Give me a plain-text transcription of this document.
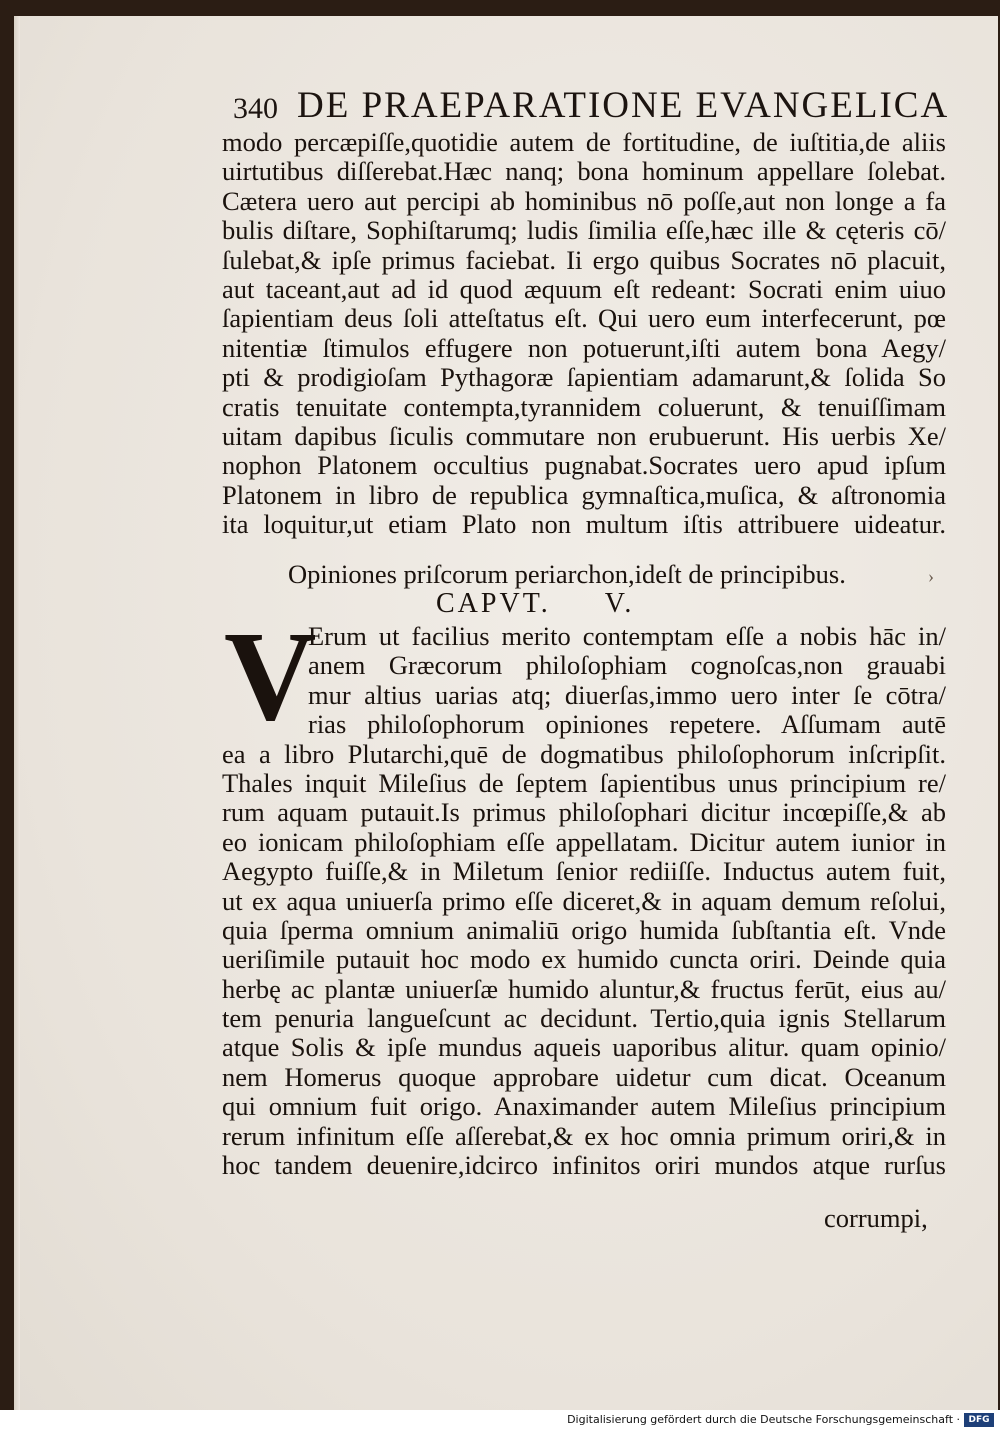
340 DE PRAEPARATIONE EVANGELICA
modo percæpiſſe,quotidie autem de fortitudine, de iuſtitia,de aliis
uirtutibus diſſerebat.Hæc nanq; bona hominum appellare ſolebat.
Cætera uero aut percipi ab hominibus nō poſſe,aut non longe a fa
bulis diſtare, Sophiſtarumq; ludis ſimilia eſſe,hæc ille & cęteris cō/
ſulebat,& ipſe primus faciebat. Ii ergo quibus Socrates nō placuit,
aut taceant,aut ad id quod æquum eſt redeant: Socrati enim uiuo
ſapientiam deus ſoli atteſtatus eſt. Qui uero eum interfecerunt, pœ
nitentiæ ſtimulos effugere non potuerunt,iſti autem bona Aegy/
pti & prodigioſam Pythagoræ ſapientiam adamarunt,& ſolida So
cratis tenuitate contempta,tyrannidem coluerunt, & tenuiſſimam
uitam dapibus ſiculis commutare non erubuerunt. His uerbis Xe/
nophon Platonem occultius pugnabat.Socrates uero apud ipſum
Platonem in libro de republica gymnaſtica,muſica, & aſtronomia
ita loquitur,ut etiam Plato non multum iſtis attribuere uideatur.
Opiniones priſcorum periarchon,ideſt de principibus.	›
CAPVT. V.
V
Erum ut facilius merito contemptam eſſe a nobis hāc in/
anem Græcorum philoſophiam cognoſcas,non grauabi
mur altius uarias atq; diuerſas,immo uero inter ſe cōtra/
rias philoſophorum opiniones repetere. Aſſumam autē
ea a libro Plutarchi,quē de dogmatibus philoſophorum inſcripſit.
Thales inquit Mileſius de ſeptem ſapientibus unus principium re/
rum aquam putauit.Is primus philoſophari dicitur incœpiſſe,& ab
eo ionicam philoſophiam eſſe appellatam. Dicitur autem iunior in
Aegypto fuiſſe,& in Miletum ſenior rediiſſe. Inductus autem fuit,
ut ex aqua uniuerſa primo eſſe diceret,& in aquam demum reſolui,
quia ſperma omnium animaliū origo humida ſubſtantia eſt. Vnde
ueriſimile putauit hoc modo ex humido cuncta oriri. Deinde quia
herbę ac plantæ uniuerſæ humido aluntur,& fructus ferūt, eius au/
tem penuria langueſcunt ac decidunt. Tertio,quia ignis Stellarum
atque Solis & ipſe mundus aqueis uaporibus alitur. quam opinio/
nem Homerus quoque approbare uidetur cum dicat. Oceanum
qui omnium fuit origo. Anaximander autem Mileſius principium
rerum infinitum eſſe aſſerebat,& ex hoc omnia primum oriri,& in
hoc tandem deuenire,idcirco infinitos oriri mundos atque rurſus
corrumpi,
Digitalisierung gefördert durch die Deutsche Forschungsgemeinschaft · DFG
